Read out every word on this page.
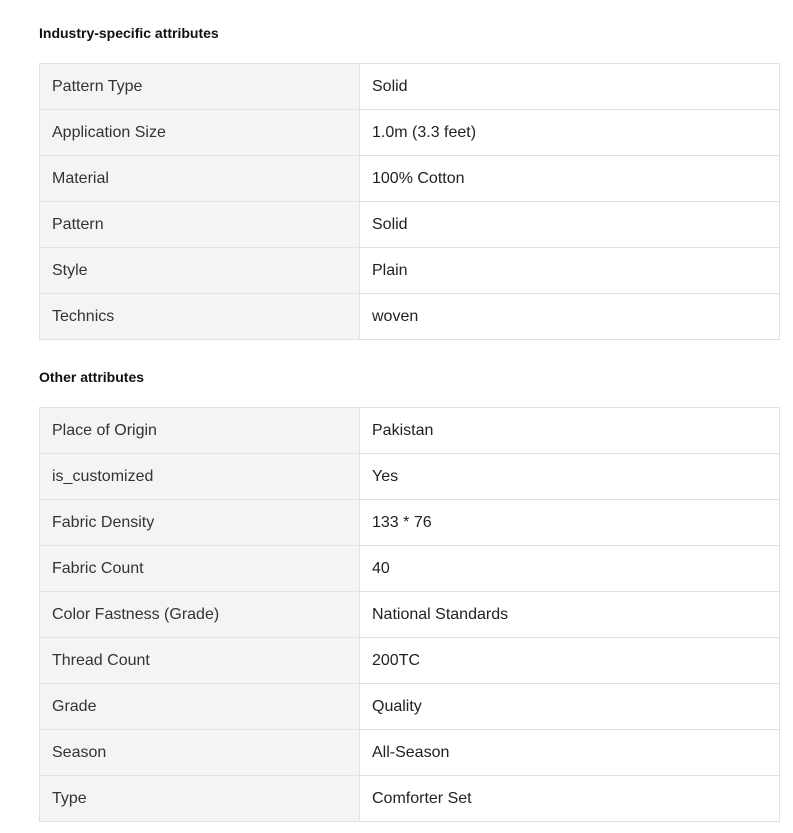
Industry-specific attributes
Pattern Type	Solid
Application Size	1.0m (3.3 feet)
Material	100% Cotton
Pattern	Solid
Style	Plain
Technics	woven
Other attributes
Place of Origin	Pakistan
is_customized	Yes
Fabric Density	133 * 76
Fabric Count	40
Color Fastness (Grade)	National Standards
Thread Count	200TC
Grade	Quality
Season	All-Season
Type	Comforter Set
